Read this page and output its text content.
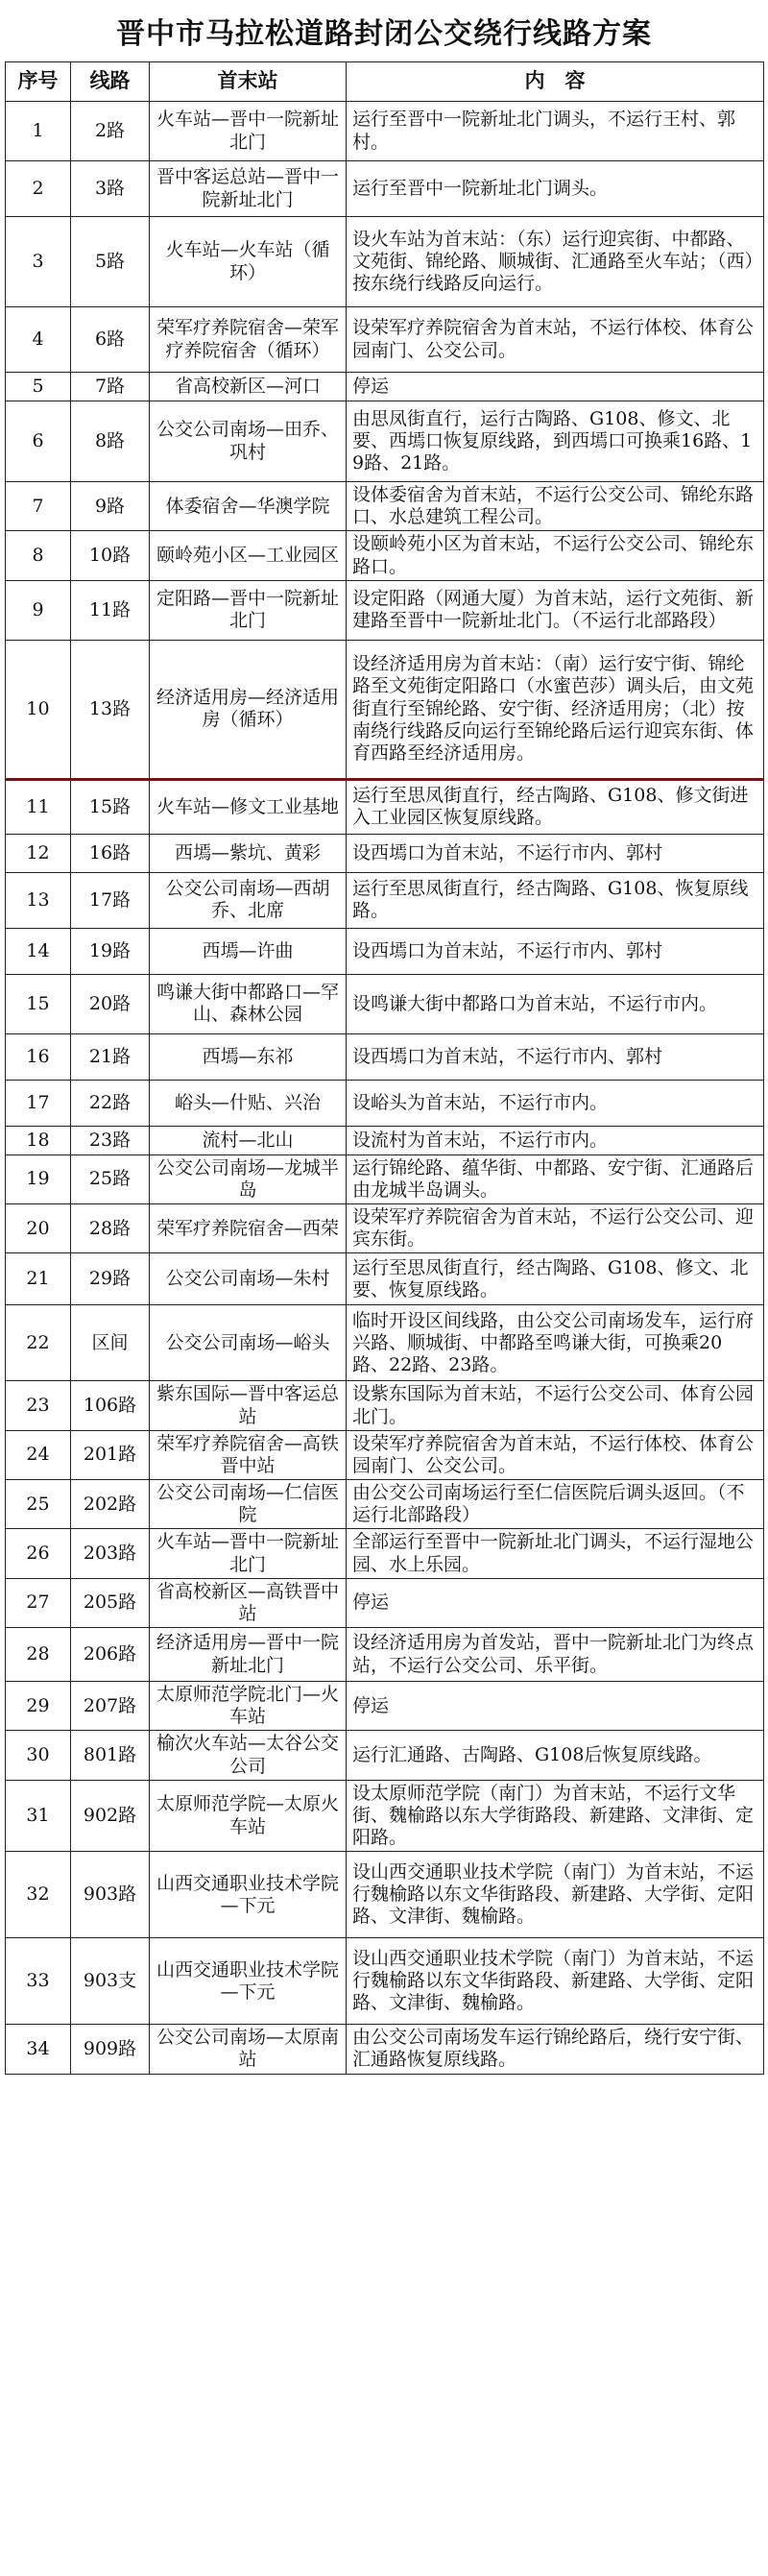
晋中市马拉松道路封闭公交绕行线路方案
序号	线路	首末站	内　容
1	2路	火车站—晋中一院新址北门	运行至晋中一院新址北门调头，不运行王村、郭村。
2	3路	晋中客运总站—晋中一院新址北门	运行至晋中一院新址北门调头。
3	5路	火车站—火车站（循环）	设火车站为首末站：（东）运行迎宾街、中都路、文苑街、锦纶路、顺城街、汇通路至火车站；（西）按东绕行线路反向运行。
4	6路	荣军疗养院宿舍—荣军疗养院宿舍（循环）	设荣军疗养院宿舍为首末站，不运行体校、体育公园南门、公交公司。
5	7路	省高校新区—河口	停运
6	8路	公交公司南场—田乔、巩村	由思凤街直行，运行古陶路、G108、修文、北要、西墕口恢复原线路，到西墕口可换乘16路、19路、21路。
7	9路	体委宿舍—华澳学院	设体委宿舍为首末站，不运行公交公司、锦纶东路口、水总建筑工程公司。
8	10路	颐岭苑小区—工业园区	设颐岭苑小区为首末站，不运行公交公司、锦纶东路口。
9	11路	定阳路—晋中一院新址北门	设定阳路（网通大厦）为首末站，运行文苑街、新建路至晋中一院新址北门。（不运行北部路段）
10	13路	经济适用房—经济适用房（循环）	设经济适用房为首末站：（南）运行安宁街、锦纶路至文苑街定阳路口（水蜜芭莎）调头后，由文苑街直行至锦纶路、安宁街、经济适用房；（北）按南绕行线路反向运行至锦纶路后运行迎宾东街、体育西路至经济适用房。
11	15路	火车站—修文工业基地	运行至思凤街直行，经古陶路、G108、修文街进入工业园区恢复原线路。
12	16路	西墕—紫坑、黄彩	设西墕口为首末站，不运行市内、郭村
13	17路	公交公司南场—西胡乔、北席	运行至思凤街直行，经古陶路、G108、恢复原线路。
14	19路	西墕—许曲	设西墕口为首末站，不运行市内、郭村
15	20路	鸣谦大街中都路口—罕山、森林公园	设鸣谦大街中都路口为首末站，不运行市内。
16	21路	西墕—东祁	设西墕口为首末站，不运行市内、郭村
17	22路	峪头—什贴、兴治	设峪头为首末站，不运行市内。
18	23路	流村—北山	设流村为首末站，不运行市内。
19	25路	公交公司南场—龙城半岛	运行锦纶路、蕴华街、中都路、安宁街、汇通路后由龙城半岛调头。
20	28路	荣军疗养院宿舍—西荣	设荣军疗养院宿舍为首末站，不运行公交公司、迎宾东街。
21	29路	公交公司南场—朱村	运行至思凤街直行，经古陶路、G108、修文、北要、恢复原线路。
22	区间	公交公司南场—峪头	临时开设区间线路，由公交公司南场发车，运行府兴路、顺城街、中都路至鸣谦大街，可换乘20路、22路、23路。
23	106路	紫东国际—晋中客运总站	设紫东国际为首末站，不运行公交公司、体育公园北门。
24	201路	荣军疗养院宿舍—高铁晋中站	设荣军疗养院宿舍为首末站，不运行体校、体育公园南门、公交公司。
25	202路	公交公司南场—仁信医院	由公交公司南场运行至仁信医院后调头返回。（不运行北部路段）
26	203路	火车站—晋中一院新址北门	全部运行至晋中一院新址北门调头，不运行湿地公园、水上乐园。
27	205路	省高校新区—高铁晋中站	停运
28	206路	经济适用房—晋中一院新址北门	设经济适用房为首发站，晋中一院新址北门为终点站，不运行公交公司、乐平街。
29	207路	太原师范学院北门—火车站	停运
30	801路	榆次火车站—太谷公交公司	运行汇通路、古陶路、G108后恢复原线路。
31	902路	太原师范学院—太原火车站	设太原师范学院（南门）为首末站，不运行文华街、魏榆路以东大学街路段、新建路、文津街、定阳路。
32	903路	山西交通职业技术学院—下元	设山西交通职业技术学院（南门）为首末站，不运行魏榆路以东文华街路段、新建路、大学街、定阳路、文津街、魏榆路。
33	903支	山西交通职业技术学院—下元	设山西交通职业技术学院（南门）为首末站，不运行魏榆路以东文华街路段、新建路、大学街、定阳路、文津街、魏榆路。
34	909路	公交公司南场—太原南站	由公交公司南场发车运行锦纶路后，绕行安宁街、汇通路恢复原线路。
